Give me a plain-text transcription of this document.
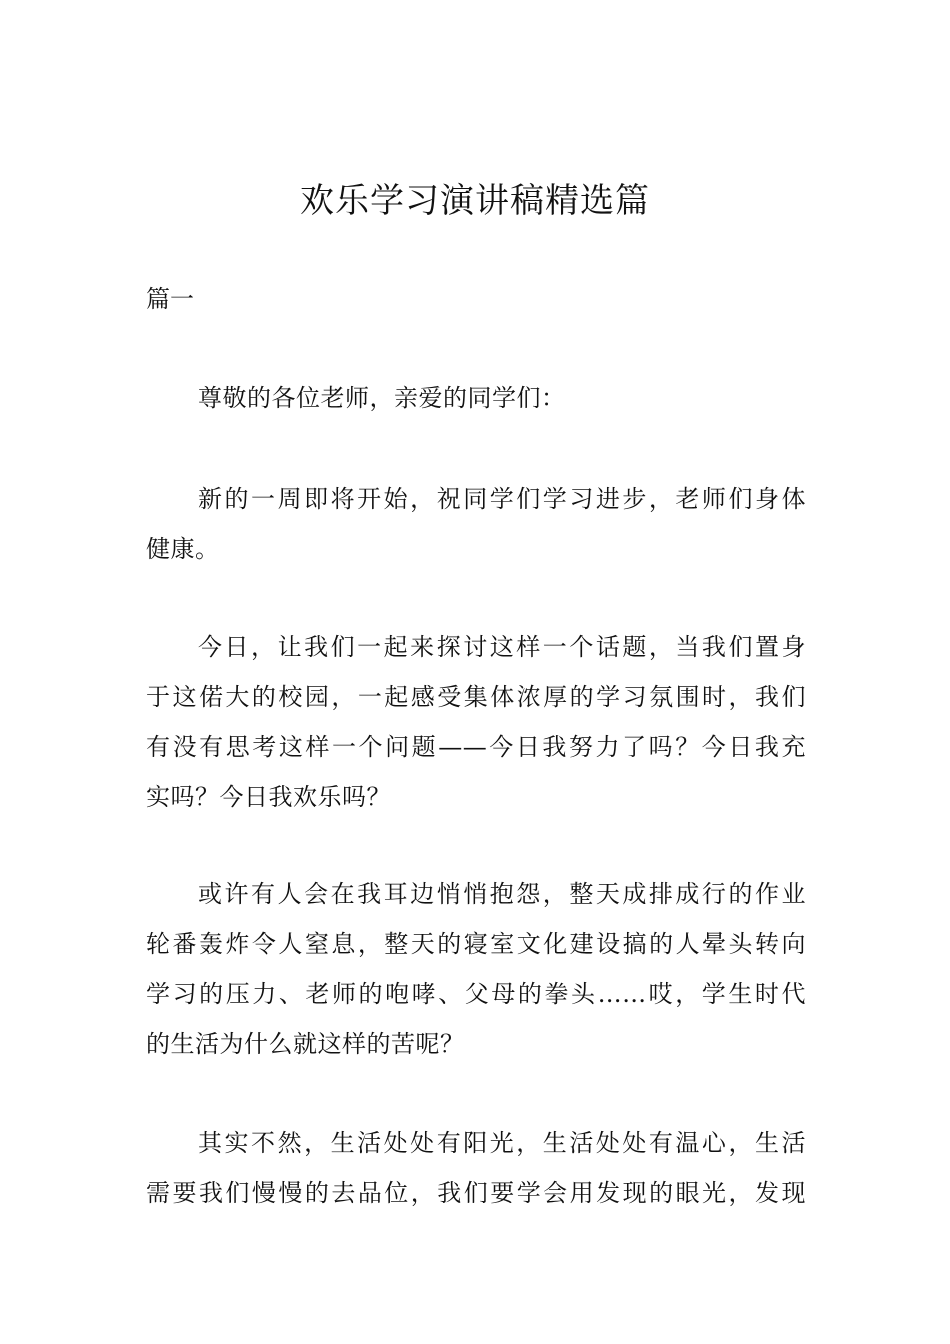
欢乐学习演讲稿精选篇

篇一

尊敬的各位老师，亲爱的同学们：

新的一周即将开始，祝同学们学习进步，老师们身体
健康。

今日，让我们一起来探讨这样一个话题，当我们置身
于这偌大的校园，一起感受集体浓厚的学习氛围时，我们
有没有思考这样一个问题——今日我努力了吗？今日我充
实吗？今日我欢乐吗？

或许有人会在我耳边悄悄抱怨，整天成排成行的作业
轮番轰炸令人窒息，整天的寝室文化建设搞的人晕头转向
学习的压力、老师的咆哮、父母的拳头……哎，学生时代
的生活为什么就这样的苦呢？

其实不然，生活处处有阳光，生活处处有温心，生活
需要我们慢慢的去品位，我们要学会用发现的眼光，发现
